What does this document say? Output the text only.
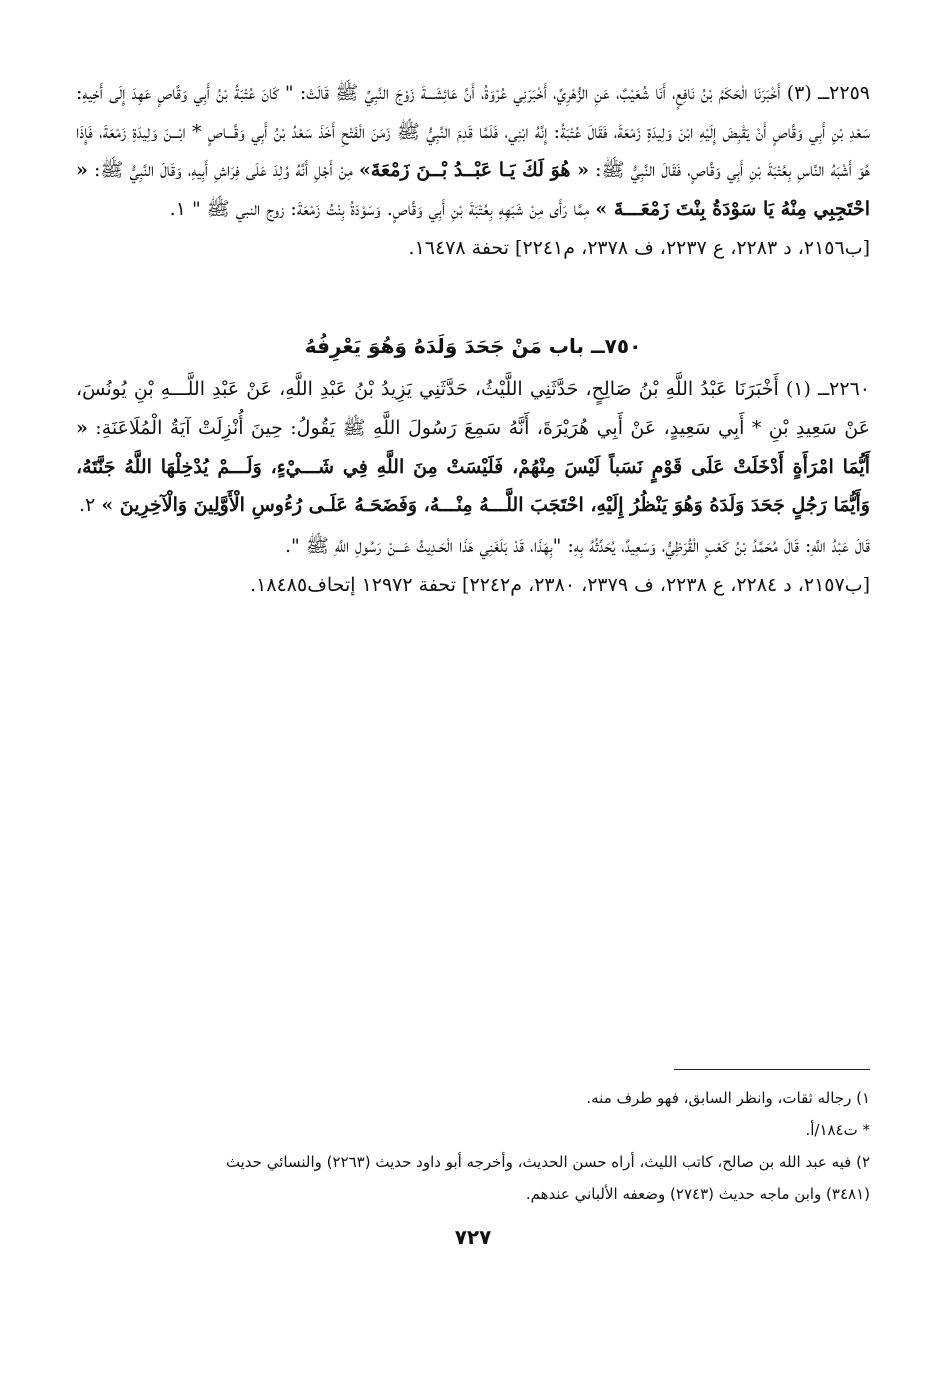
٢٢٥٩ــ (٣) أَخْبَرَنَا الْحَكَمُ بْنُ نَافِعٍ، أَنَا شُعَيْبٌ، عَنِ الزُّهْرِيِّ، أَخْبَرَنِي عُرْوَةُ، أَنَّ عَائِشَـــةَ زَوْجَ النَّبِيِّ ﷺ قَالَتْ: " كَانَ عُتْبَةُ بْنُ أَبِي وَقَّاصٍ عَهِدَ إِلَى أَخِيهِ: سَعْدِ بْنِ أَبِي وَقَّاصٍ أَنْ يَقْبِضَ إِلَيْهِ ابْنَ وَلِيدَةِ زَمْعَةَ، فَقَالَ عُتْبَةُ: إِنَّهُ ابْنِي، فَلَمَّا قَدِمَ النَّبِيُّ ﷺ زَمَنَ الْفَتْحِ أَخَذَ سَعْدُ بْنُ أَبِي وَقَّـــاصٍ * ابْـــنَ وَلِيدَةِ زَمْعَةَ، فَإِذَا هُوَ أَشْبَهُ النَّاسِ بِعُتْبَةَ بْنِ أَبِي وَقَّاصٍ، فَقَالَ النَّبِيُّ ﷺ: « هُوَ لَكَ يَـا عَبْــدُ بْــنَ زَمْعَةَ» مِنْ أَجْلِ أَنَّهُ وُلِدَ عَلَى فِرَاشِ أَبِيهِ، وَقَالَ النَّبِيُّ ﷺ: « احْتَجِبِي مِنْهُ يَا سَوْدَةُ بِنْتَ زَمْعَـــةَ » مِمَّا رَأَى مِنْ شَبَهِهِ بِعُتْبَةَ بْنِ أَبِي وَقَّاصٍ. وَسَوْدَةُ بِنْتُ زَمْعَةَ: زوج النبي ﷺ " ١.

[ب٢١٥٦، د ٢٢٨٣، ع ٢٢٣٧، ف ٢٣٧٨، م٢٢٤١] تحفة ١٦٤٧٨.

٧٥٠ــ باب مَنْ جَحَدَ وَلَدَهُ وَهُوَ يَعْرِفُهُ

٢٢٦٠ــ (١) أَخْبَرَنَا عَبْدُ اللَّهِ بْنُ صَالِحٍ، حَدَّثَنِي اللَّيْثُ، حَدَّثَنِي يَزِيدُ بْنُ عَبْدِ اللَّهِ، عَنْ عَبْدِ اللَّـــهِ بْنِ يُونُسَ، عَنْ سَعِيدِ بْنِ * أَبِي سَعِيدٍ، عَنْ أَبِي هُرَيْرَةَ، أَنَّهُ سَمِعَ رَسُولَ اللَّهِ ﷺ يَقُولُ: حِينَ أُنْزِلَتْ آيَةُ الْمُلَاعَنَةِ: « أَيُّمَا امْرَأَةٍ أَدْخَلَتْ عَلَى قَوْمٍ نَسَباً لَيْسَ مِنْهُمْ، فَلَيْسَتْ مِنَ اللَّهِ فِي شَـــيْءٍ، وَلَـــمْ يُدْخِلْهَا اللَّهُ جَنَّتَهُ، وَأَيُّمَا رَجُلٍ جَحَدَ وَلَدَهُ وَهُوَ يَنْظُرُ إِلَيْهِ، احْتَجَبَ اللَّـــهُ مِنْـــهُ، وَفَضَحَـهُ عَلَـى رُءُوسِ الْأَوَّلِينَ وَالْآخِرِينَ » ٢.

قَالَ عَبْدُ اللَّهِ: قَالَ مُحَمَّدُ بْنُ كَعْبٍ الْقُرَظِيُّ، وَسَعِيدٌ، يُحَدِّثُهُ بِهِ: "بِهَذَا، قَدْ بَلَغَنِي هَذَا الْحَـدِيثُ عَـــنْ رَسُولِ اللَّهِ ﷺ ".

[ب٢١٥٧، د ٢٢٨٤، ع ٢٢٣٨، ف ٢٣٧٩، ٢٣٨٠، م٢٢٤٢] تحفة ١٢٩٧٢ إتحاف١٨٤٨٥.

١) رجاله ثقات، وانظر السابق، فهو طرف منه.
* ت١٨٤/أ.
٢) فيه عبد الله بن صالح، كاتب الليث، أراه حسن الحديث، وأخرجه أبو داود حديث (٢٢٦٣) والنسائي حديث
(٣٤٨١) وابن ماجه حديث (٢٧٤٣) وضعفه الألباني عندهم.
٧٢٧
